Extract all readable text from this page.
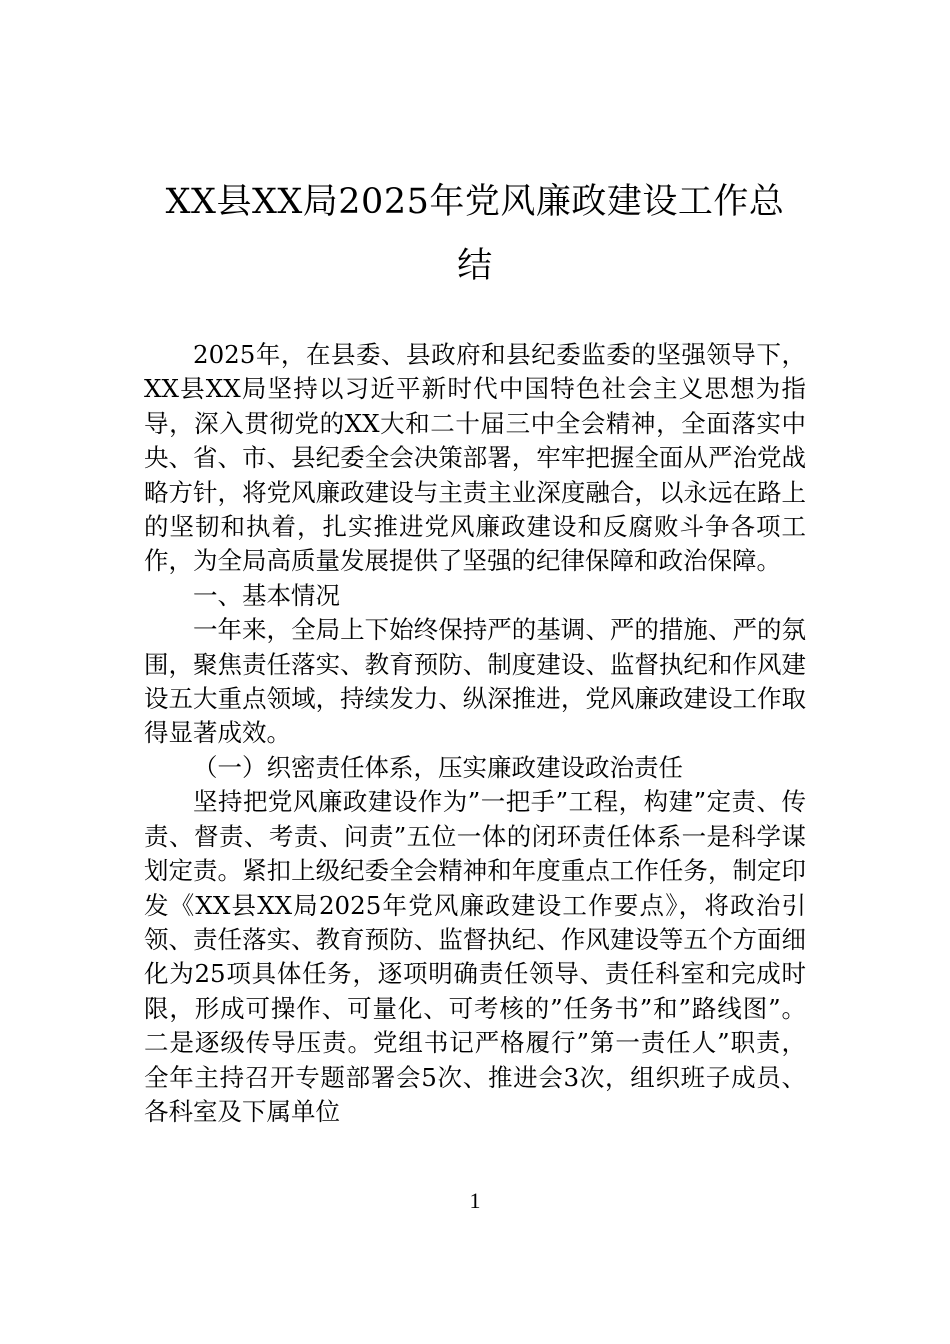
XX县XX局2025年党风廉政建设工作总
结

2025年，在县委、县政府和县纪委监委的坚强领导下，XX县XX局坚持以习近平新时代中国特色社会主义思想为指导，深入贯彻党的XX大和二十届三中全会精神，全面落实中央、省、市、县纪委全会决策部署，牢牢把握全面从严治党战略方针，将党风廉政建设与主责主业深度融合，以永远在路上的坚韧和执着，扎实推进党风廉政建设和反腐败斗争各项工作，为全局高质量发展提供了坚强的纪律保障和政治保障。

一、基本情况

一年来，全局上下始终保持严的基调、严的措施、严的氛围，聚焦责任落实、教育预防、制度建设、监督执纪和作风建设五大重点领域，持续发力、纵深推进，党风廉政建设工作取得显著成效。

（一）织密责任体系，压实廉政建设政治责任

坚持把党风廉政建设作为”一把手”工程，构建”定责、传责、督责、考责、问责”五位一体的闭环责任体系一是科学谋划定责。紧扣上级纪委全会精神和年度重点工作任务，制定印发《XX县XX局2025年党风廉政建设工作要点》，将政治引领、责任落实、教育预防、监督执纪、作风建设等五个方面细化为25项具体任务，逐项明确责任领导、责任科室和完成时限，形成可操作、可量化、可考核的”任务书”和”路线图”。二是逐级传导压责。党组书记严格履行”第一责任人”职责，全年主持召开专题部署会5次、推进会3次，组织班子成员、各科室及下属单位

1
